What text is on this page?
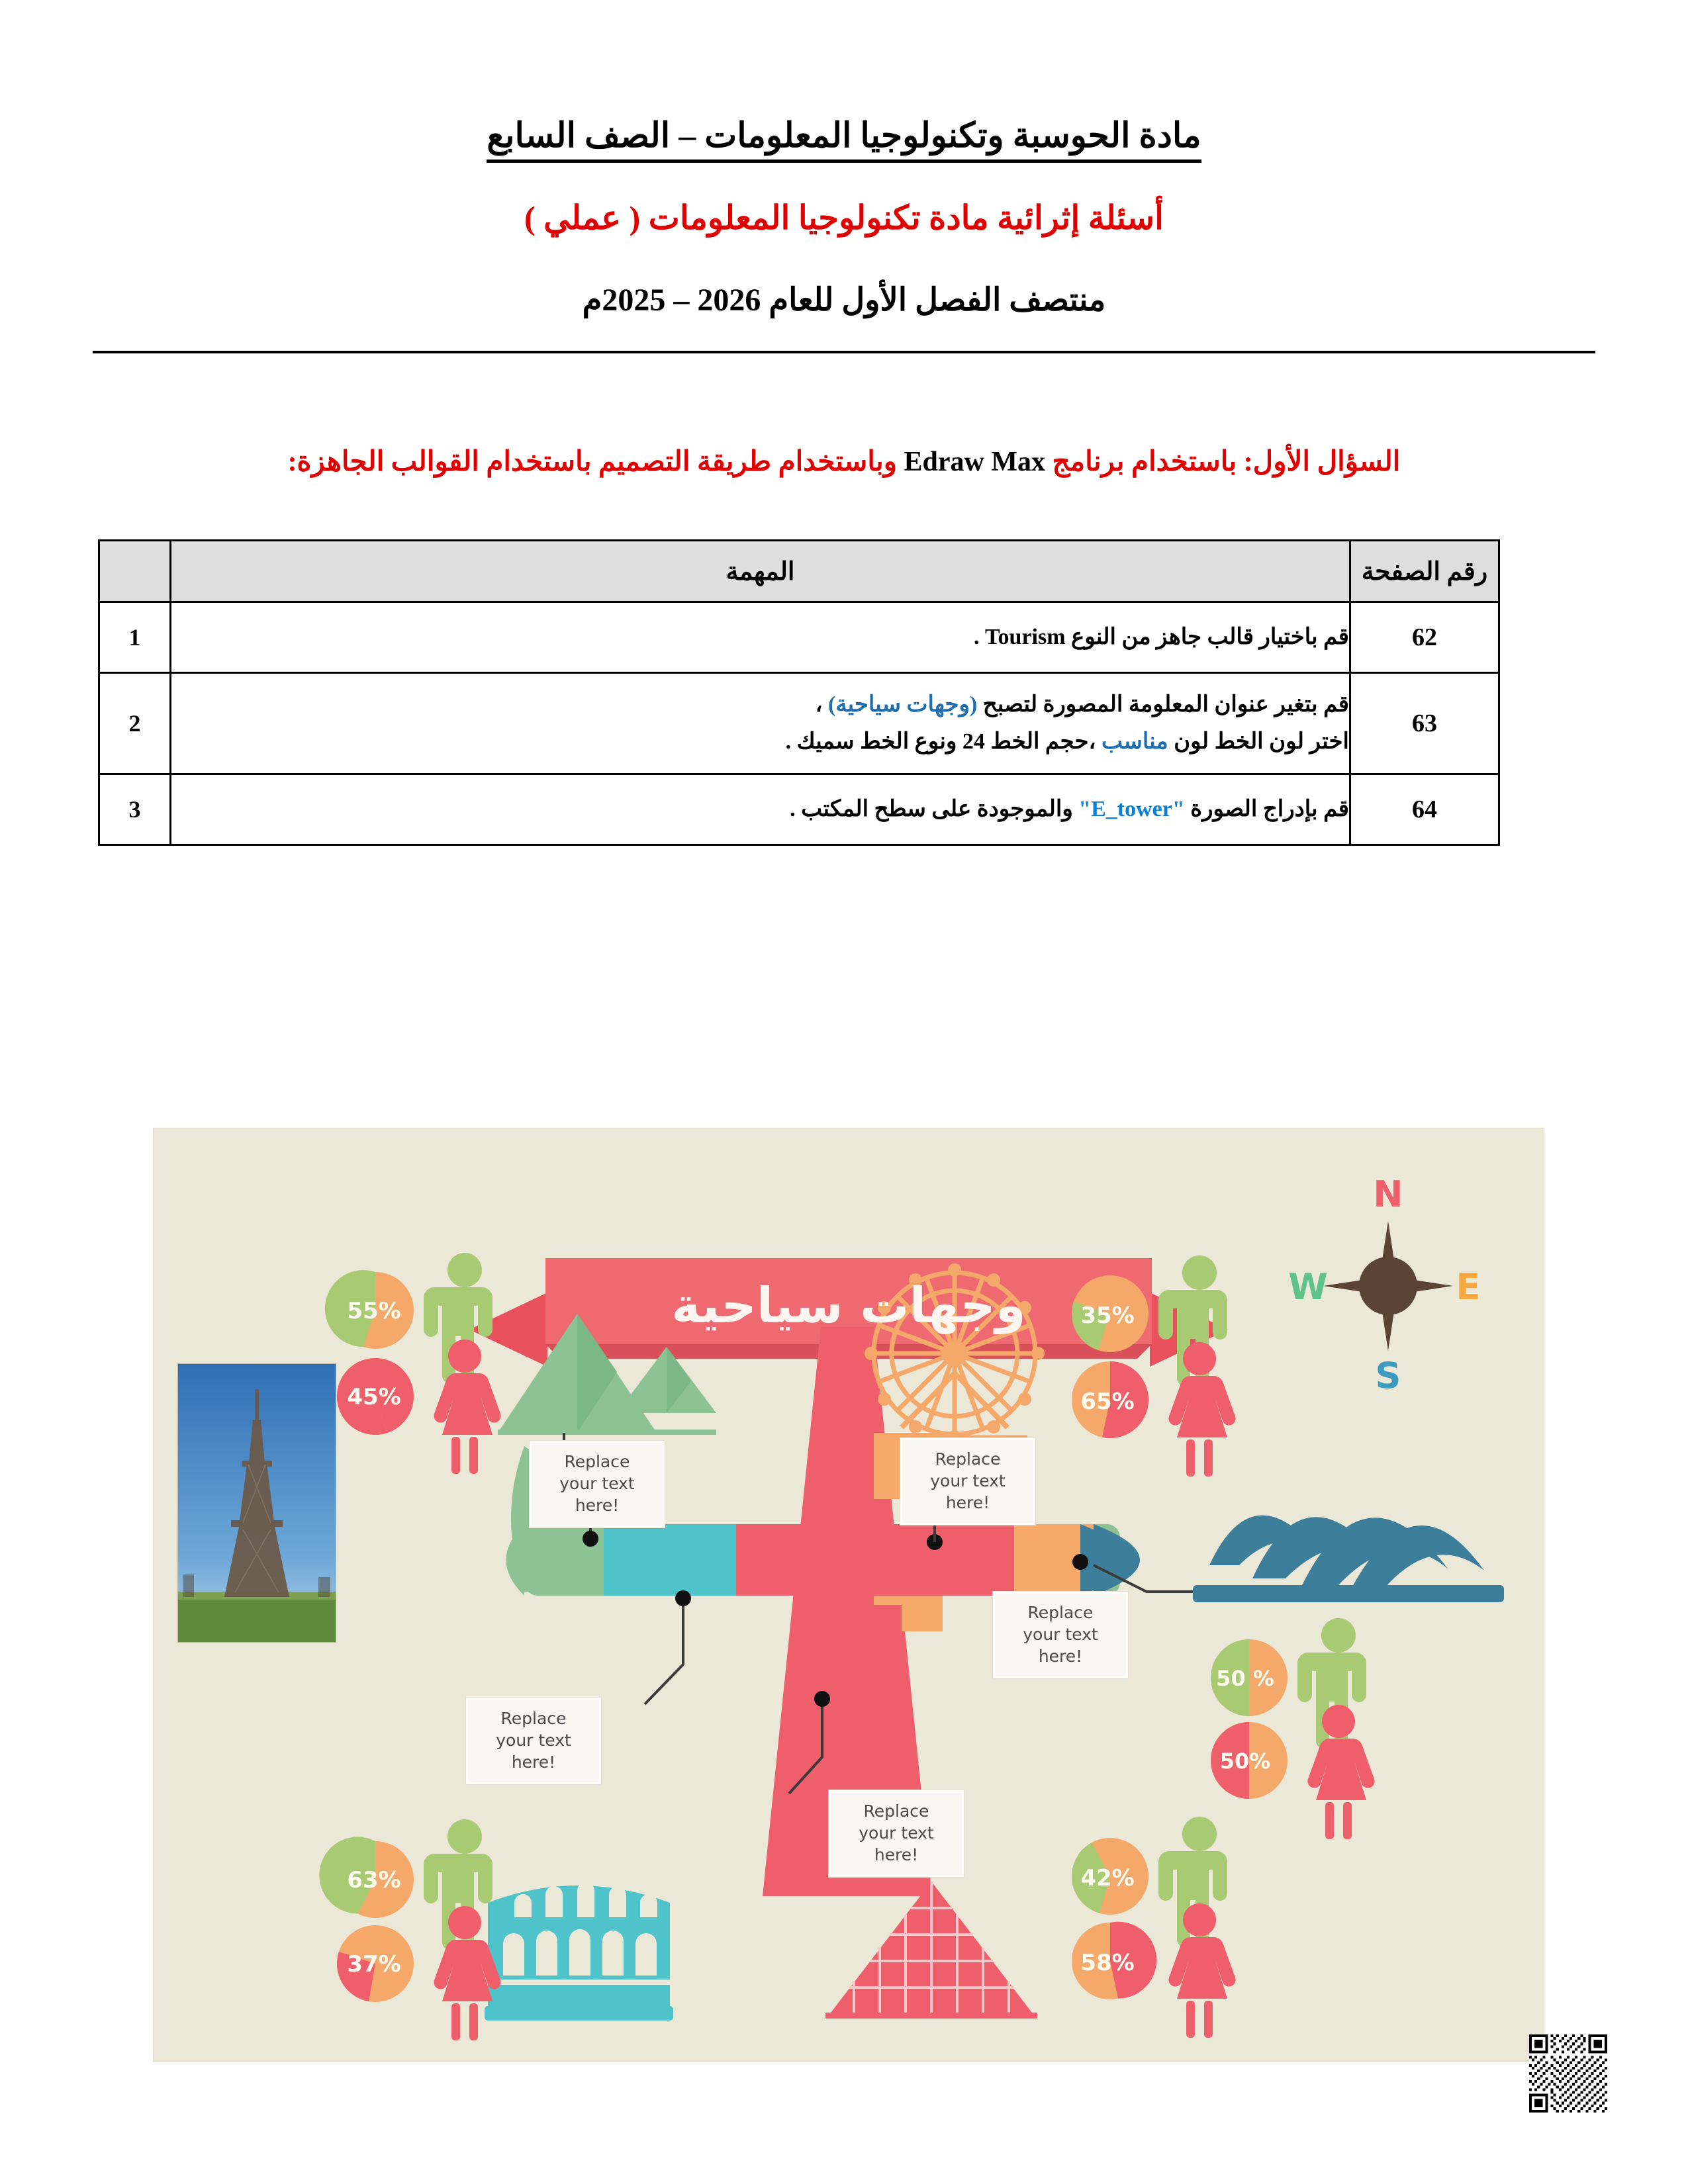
مادة الحوسبة وتكنولوجيا المعلومات – الصف السابع
أسئلة إثرائية مادة تكنولوجيا المعلومات ( عملي )
منتصف الفصل الأول للعام 2026 – 2025م
السؤال الأول: باستخدام برنامج Edraw Max وباستخدام طريقة التصميم باستخدام القوالب الجاهزة:
رقم الصفحة	المهمة	
62	قم باختيار قالب جاهز من النوع Tourism .	1
63	قم بتغير عنوان المعلومة المصورة لتصبح (وجهات سياحية) ،
اختر لون الخط لون مناسب ،حجم الخط 24 ونوع الخط سميك .	2
64	قم بإدراج الصورة "E_tower" والموجودة على سطح المكتب .	3
N
E
S
W
55%
45%
35%
65%
50 %
50%
63%
37%
42%
58%
وجهات سياحية
Replace
your text
here!
Replace
your text
here!
Replace
your text
here!
Replace
your text
here!
Replace
your text
here!
